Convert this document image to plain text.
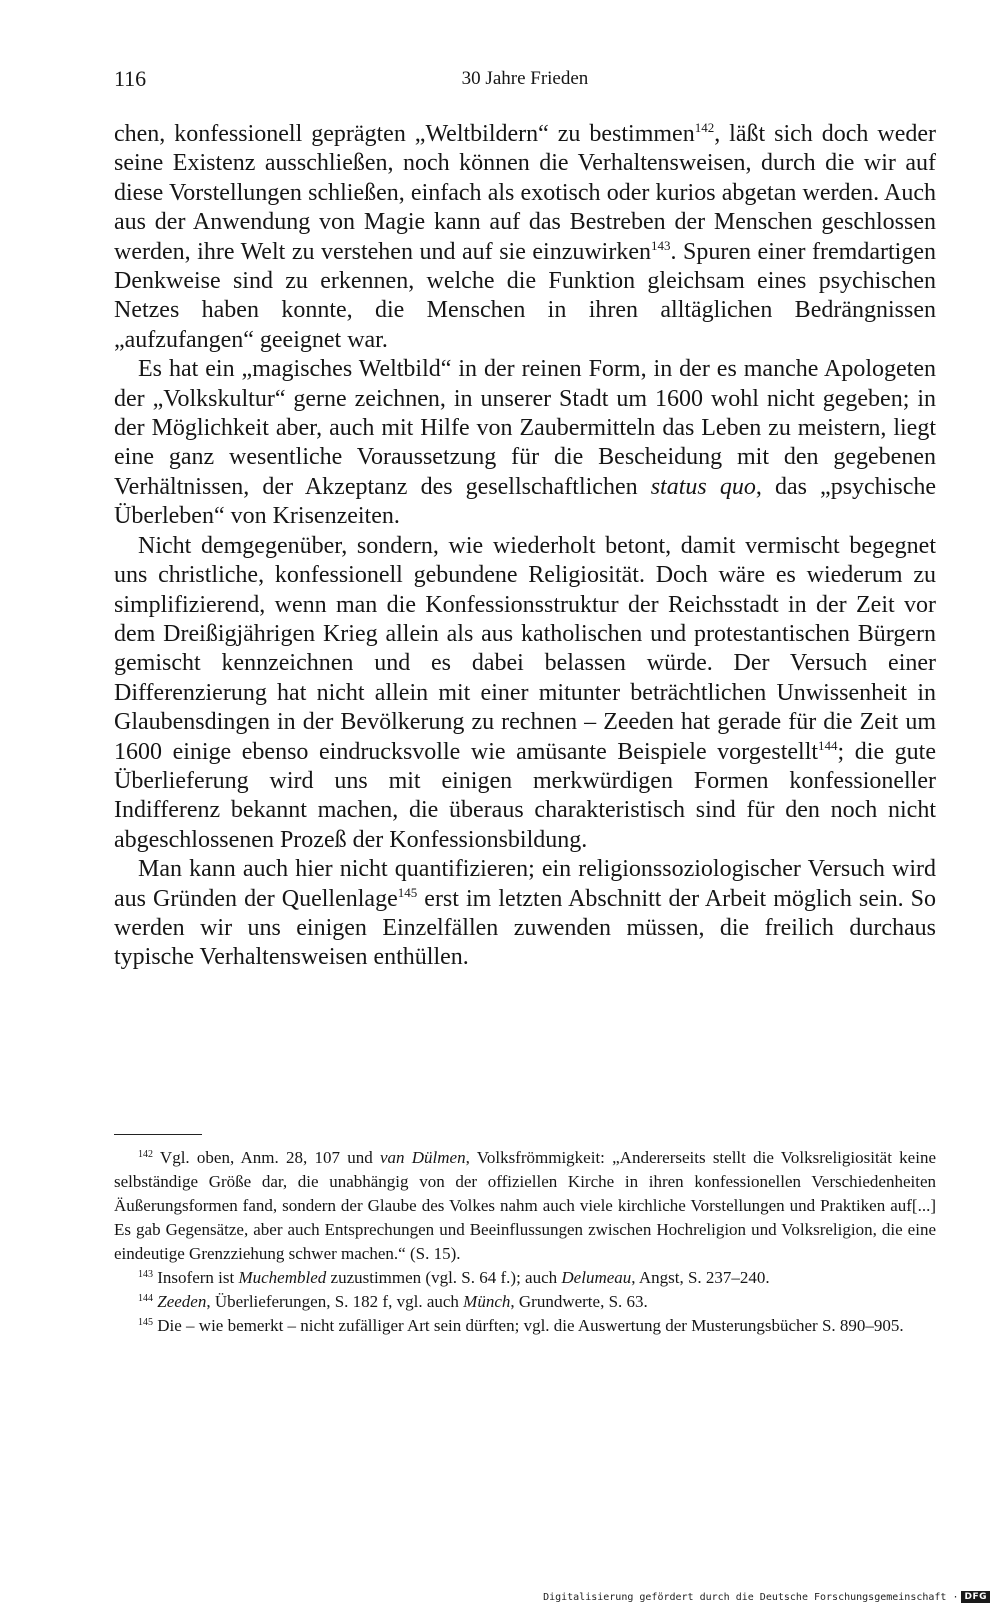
116	30 Jahre Frieden

chen, konfessionell geprägten „Weltbildern“ zu bestimmen$^{142}$, läßt sich doch weder seine Existenz ausschließen, noch können die Verhaltensweisen, durch die wir auf diese Vorstellungen schließen, einfach als exotisch oder kurios abgetan werden. Auch aus der Anwendung von Magie kann auf das Bestreben der Menschen geschlossen werden, ihre Welt zu verstehen und auf sie einzuwirken$^{143}$. Spuren einer fremdartigen Denkweise sind zu erkennen, welche die Funktion gleichsam eines psychischen Netzes haben konnte, die Menschen in ihren alltäglichen Bedrängnissen „aufzufangen“ geeignet war.

Es hat ein „magisches Weltbild“ in der reinen Form, in der es manche Apologeten der „Volkskultur“ gerne zeichnen, in unserer Stadt um 1600 wohl nicht gegeben; in der Möglichkeit aber, auch mit Hilfe von Zaubermitteln das Leben zu meistern, liegt eine ganz wesentliche Voraussetzung für die Bescheidung mit den gegebenen Verhältnissen, der Akzeptanz des gesellschaftlichen status quo, das „psychische Überleben“ von Krisenzeiten.

Nicht demgegenüber, sondern, wie wiederholt betont, damit vermischt begegnet uns christliche, konfessionell gebundene Religiosität. Doch wäre es wiederum zu simplifizierend, wenn man die Konfessionsstruktur der Reichsstadt in der Zeit vor dem Dreißigjährigen Krieg allein als aus katholischen und protestantischen Bürgern gemischt kennzeichnen und es dabei belassen würde. Der Versuch einer Differenzierung hat nicht allein mit einer mitunter beträchtlichen Unwissenheit in Glaubensdingen in der Bevölkerung zu rechnen – Zeeden hat gerade für die Zeit um 1600 einige ebenso eindrucksvolle wie amüsante Beispiele vorgestellt$^{144}$; die gute Überlieferung wird uns mit einigen merkwürdigen Formen konfessioneller Indifferenz bekannt machen, die überaus charakteristisch sind für den noch nicht abgeschlossenen Prozeß der Konfessionsbildung.

Man kann auch hier nicht quantifizieren; ein religionssoziologischer Versuch wird aus Gründen der Quellenlage$^{145}$ erst im letzten Abschnitt der Arbeit möglich sein. So werden wir uns einigen Einzelfällen zuwenden müssen, die freilich durchaus typische Verhaltensweisen enthüllen.

$^{142}$ Vgl. oben, Anm. 28, 107 und van Dülmen, Volksfrömmigkeit: „Andererseits stellt die Volksreligiosität keine selbständige Größe dar, die unabhängig von der offiziellen Kirche in ihren konfessionellen Verschiedenheiten Äußerungsformen fand, sondern der Glaube des Volkes nahm auch viele kirchliche Vorstellungen und Praktiken auf[...] Es gab Gegensätze, aber auch Entsprechungen und Beeinflussungen zwischen Hochreligion und Volksreligion, die eine eindeutige Grenzziehung schwer machen.“ (S. 15).

$^{143}$ Insofern ist Muchembled zuzustimmen (vgl. S. 64 f.); auch Delumeau, Angst, S. 237–240.

$^{144}$ Zeeden, Überlieferungen, S. 182 f, vgl. auch Münch, Grundwerte, S. 63.

$^{145}$ Die – wie bemerkt – nicht zufälliger Art sein dürften; vgl. die Auswertung der Musterungsbücher S. 890–905.

Digitalisierung gefördert durch die Deutsche Forschungsgemeinschaft · DFG
